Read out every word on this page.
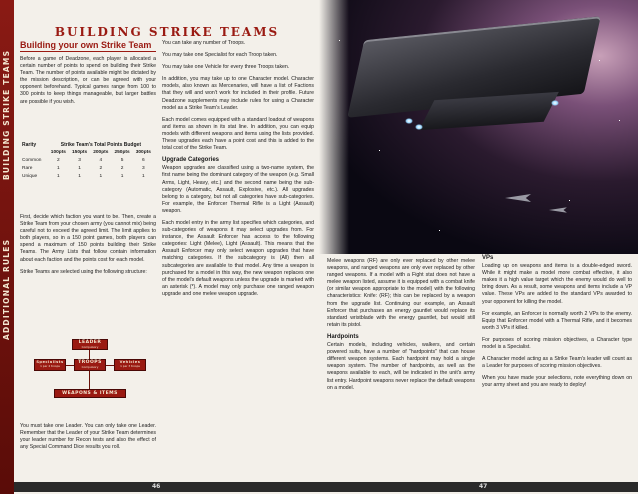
BUILDING STRIKE TEAMS
ADDITIONAL RULES
Building your own Strike Team

Before a game of Deadzone, each player is allocated a certain number of points to spend on building their Strike Team. The number of points available might be dictated by the mission description, or can be agreed with your opponent beforehand. Typical games range from 100 to 300 points to keep things manageable, but larger battles are possible if you wish.

Rarity	Strike Team's Total Points Budget				
	100pts	150pts	200pts	250pts	300pts
Common	2	3	4	5	6
Rare	1	1	2	2	3
Unique	1	1	1	1	1

First, decide which faction you want to be. Then, create a Strike Team from your chosen army (you cannot mix) being careful not to exceed the agreed limit. The limit applies to both players, so in a 150 point games, both players can spend a maximum of 150 points building their Strike Teams. The Army Lists that follow contain information about each faction and the points cost for each model.

Strike Teams are selected using the following structure:

LEADER
Compulsory
Specialists
1 per 4 troops
TROOPS
Compulsory
Vehicles
1 per 3 troops
WEAPONS & ITEMS

You must take one Leader. You can only take one Leader. Remember that the Leader of your Strike Team determines your leader number for Recon tests and also the effect of any Special Command Dice results you roll.

You can take any number of Troops.

You may take one Specialist for each Troop taken.

You may take one Vehicle for every three Troops taken.

In addition, you may take up to one Character model. Character models, also known as Mercenaries, will have a list of Factions that they will and won't work for included in their profile. Future Deadzone supplements may include rules for using a Character model as a Strike Team's Leader.

Each model comes equipped with a standard loadout of weapons and items as shown in its stat line. In addition, you can equip models with different weapons and items using the lists provided. These upgrades each have a point cost and this is added to the total cost of the Strike Team.

Upgrade Categories

Weapon upgrades are classified using a two-name system, the first name being the dominant category of the weapon (e.g. Small Arms, Light, Heavy, etc.) and the second name being the sub-category (Automatic, Assault, Explosive, etc.). All upgrades belong to a category, but not all categories have sub-categories. For example, the Enforcer Thermal Rifle is a Light (Assault) weapon.

Each model entry in the army list specifies which categories, and sub-categories of weapons it may select upgrades from. For instance, the Assault Enforcer has access to the following categories: Light (Melee), Light (Assault). This means that the Assault Enforcer may only select weapon upgrades that have matching categories. If the subcategory is (All) then all subcategories are available to that model. Any time a weapon is purchased for a model in this way, the new weapon replaces one of the model's default weapons unless the upgrade is marked with an asterisk (*). A model may only purchase one ranged weapon upgrade and one melee weapon upgrade.

46

Melee weapons (RF) are only ever replaced by other melee weapons, and ranged weapons are only ever replaced by other ranged weapons. If a model with a Fight stat does not have a melee weapon listed, assume it is equipped with a combat knife (or similar weapon appropriate to the model) with the following characteristics: Knife: (RF); this can be replaced by a weapon from the upgrade list. Continuing our example, an Assault Enforcer that purchases an energy gauntlet would replace its standard wristblade with the energy gauntlet, but would still retain its pistol.

Hardpoints

Certain models, including vehicles, walkers, and certain powered suits, have a number of "hardpoints" that can house different weapon systems. Each hardpoint may hold a single weapon system. The number of hardpoints, as well as the weapons available to each, will be indicated in the unit's army list entry. Hardpoint weapons never replace the default weapons on a model.

VPs

Loading up on weapons and items is a double-edged sword. While it might make a model more combat effective, it also makes it a high value target which the enemy would do well to bring down. As a result, some weapons and items include a VP value. These VPs are added to the standard VPs awarded to your opponent for killing the model.

For example, an Enforcer is normally worth 2 VPs to the enemy. Equip that Enforcer model with a Thermal Rifle, and it becomes worth 3 VPs if killed.

For purposes of scoring mission objectives, a Character type model is a Specialist.

A Character model acting as a Strike Team's leader will count as a Leader for purposes of scoring mission objectives.

When you have made your selections, note everything down on your army sheet and you are ready to deploy!

47
BUILDING STRIKE TEAMS
